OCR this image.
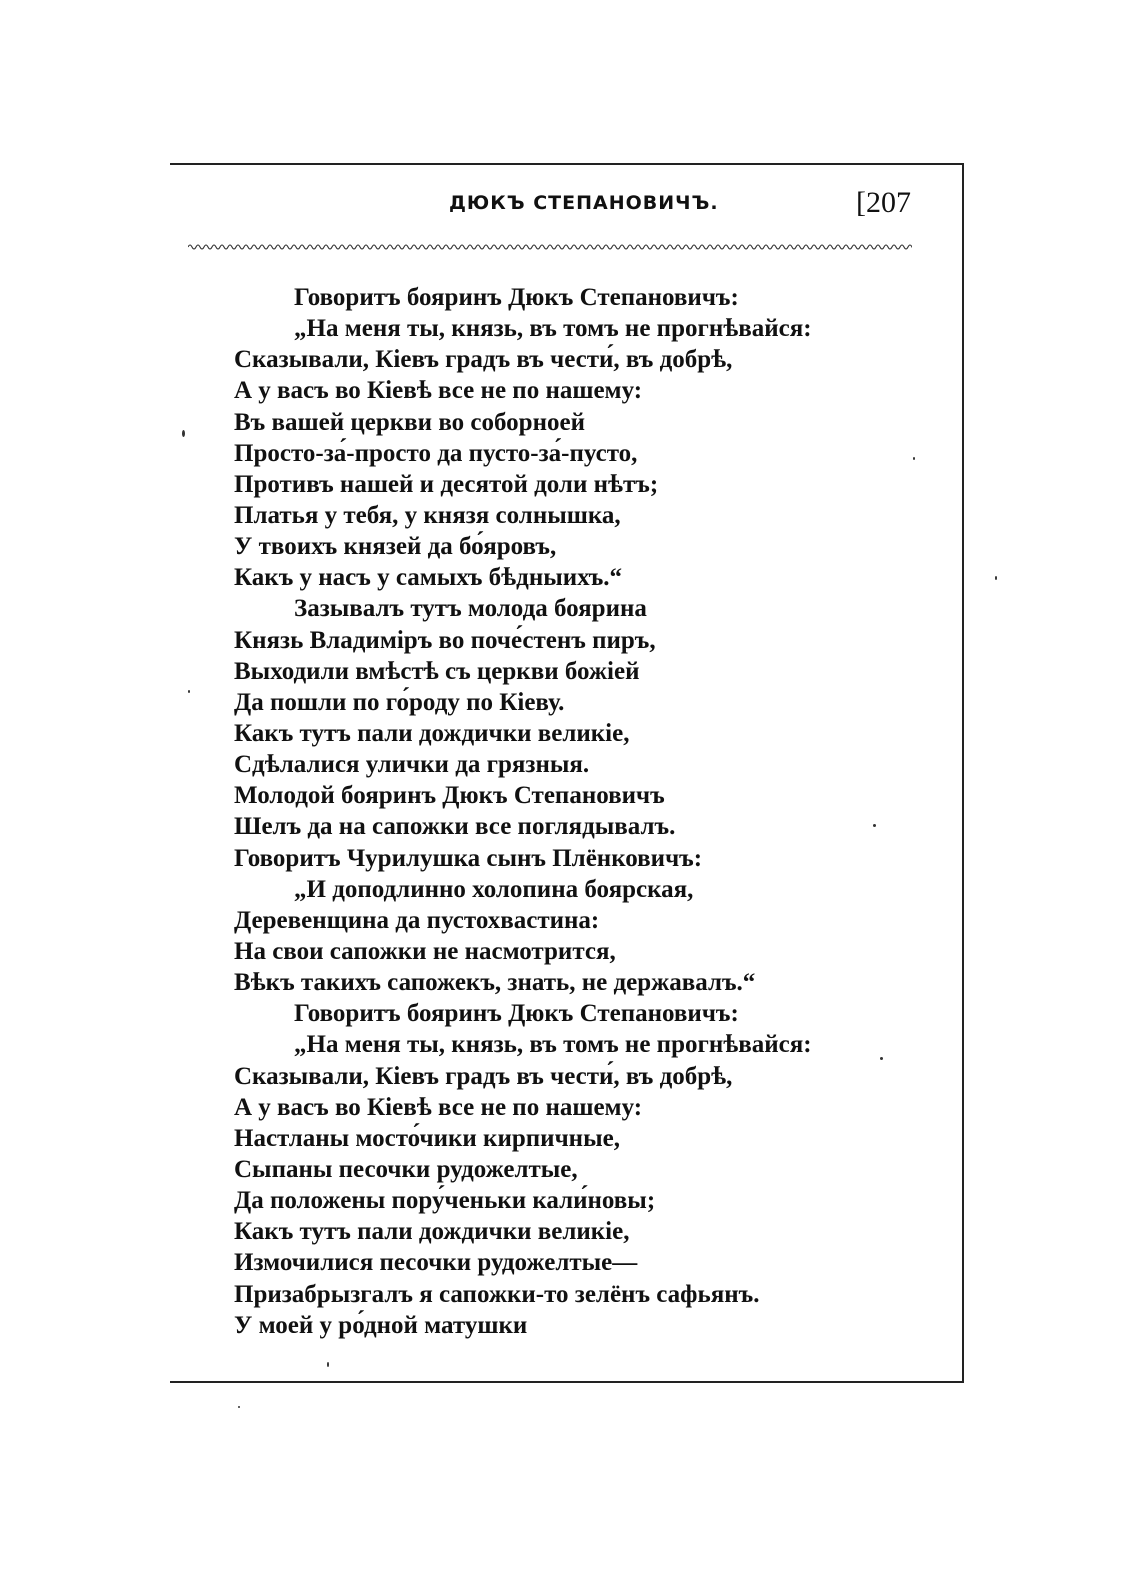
ДЮКЪ СТЕПАНОВИЧЪ.	[207
Говоритъ бояринъ Дюкъ Степановичъ:
„На меня ты, князь, въ томъ не прогнѣвайся:
Сказывали, Кіевъ градъ въ чести́, въ добрѣ,
А у васъ во Кіевѣ все не по нашему:
Въ вашей церкви во соборноей
Просто-за́-просто да пусто-за́-пусто,
Противъ нашей и десятой доли нѣтъ;
Платья у тебя, у князя солнышка,
У твоихъ князей да бо́яровъ,
Какъ у насъ у самыхъ бѣдныихъ.“
Зазывалъ тутъ молода боярина
Князь Владиміръ во поче́стенъ пиръ,
Выходили вмѣстѣ съ церкви божіей
Да пошли по го́роду по Кіеву.
Какъ тутъ пали дождички великіе,
Сдѣлалися улички да грязныя.
Молодой бояринъ Дюкъ Степановичъ
Шелъ да на сапожки все поглядывалъ.
Говоритъ Чурилушка сынъ Плёнковичъ:
„И доподлинно холопина боярская,
Деревенщина да пустохвастина:
На свои сапожки не насмотрится,
Вѣкъ такихъ сапожекъ, знать, не державалъ.“
Говоритъ бояринъ Дюкъ Степановичъ:
„На меня ты, князь, въ томъ не прогнѣвайся:
Сказывали, Кіевъ градъ въ чести́, въ добрѣ,
А у васъ во Кіевѣ все не по нашему:
Настланы мосто́чики кирпичные,
Сыпаны песочки рудожелтые,
Да положены пору́ченьки кали́новы;
Какъ тутъ пали дождички великіе,
Измочилися песочки рудожелтые—
Призабрызгалъ я сапожки-то зелёнъ сафьянъ.
У моей у ро́дной матушки
